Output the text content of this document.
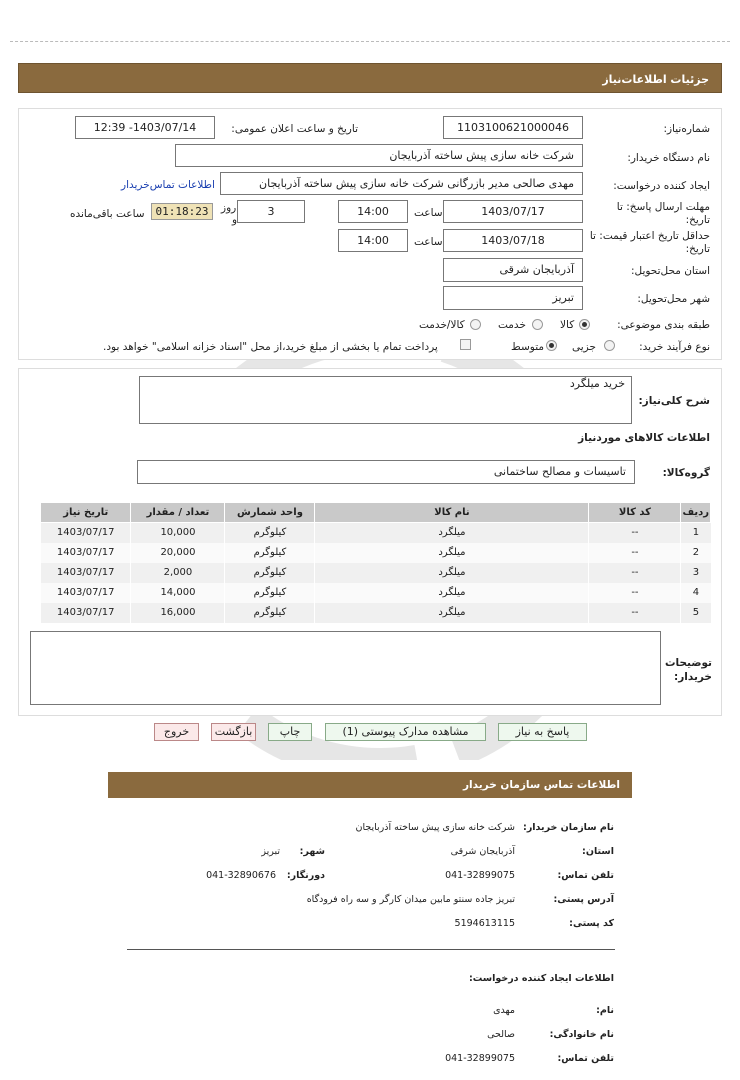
جزئیات اطلاعات‌نیاز
شماره‌نیاز:
1103100621000046
تاریخ و ساعت اعلان عمومی:
1403/07/14- 12:39
نام دستگاه خریدار:
شرکت خانه سازی پیش ساخته آذربایجان
ایجاد کننده درخواست:
مهدی صالحی مدیر بازرگانی شرکت خانه سازی پیش ساخته آذربایجان
اطلاعات تماس‌خریدار
مهلت ارسال پاسخ: تا
تاریخ:
1403/07/17
ساعت
14:00
3
روز
و
01:18:23
ساعت باقی‌مانده
حداقل تاریخ اعتبار قیمت: تا
تاریخ:
1403/07/18
ساعت
14:00
استان محل‌تحویل:
آذربایجان شرقی
شهر محل‌تحویل:
تبریز
طبقه بندی موضوعی:
کالا
خدمت
کالا/خدمت
نوع فرآیند خرید:
جزیی
متوسط
پرداخت تمام یا بخشی از مبلغ خرید،از محل "اسناد خزانه اسلامی" خواهد بود.
شرح کلی‌نیاز:
خرید میلگرد
اطلاعات کالاهای موردنیاز
گروه‌کالا:
تاسیسات و مصالح ساختمانی
ردیف	کد کالا	نام کالا	واحد شمارش	تعداد / مقدار	تاریخ نیاز
1	--	میلگرد	کیلوگرم	10,000	1403/07/17
2	--	میلگرد	کیلوگرم	20,000	1403/07/17
3	--	میلگرد	کیلوگرم	2,000	1403/07/17
4	--	میلگرد	کیلوگرم	14,000	1403/07/17
5	--	میلگرد	کیلوگرم	16,000	1403/07/17
توضیحات خریدار:
پاسخ به نیاز
مشاهده مدارک پیوستی (1)
چاپ
بازگشت
خروج
اطلاعات تماس سازمان خریدار
نام سازمان خریدار:
شرکت خانه سازی پیش ساخته آذربایجان
استان:
آذربایجان شرقی
شهر:
تبریز
تلفن تماس:
041-32899075
دورنگار:
041-32890676
آدرس پستی:
تبریز جاده سنتو مابین میدان کارگر و سه راه فرودگاه
کد پستی:
5194613115
اطلاعات ایجاد کننده درخواست:
نام:
مهدی
نام خانوادگی:
صالحی
تلفن تماس:
041-32899075
